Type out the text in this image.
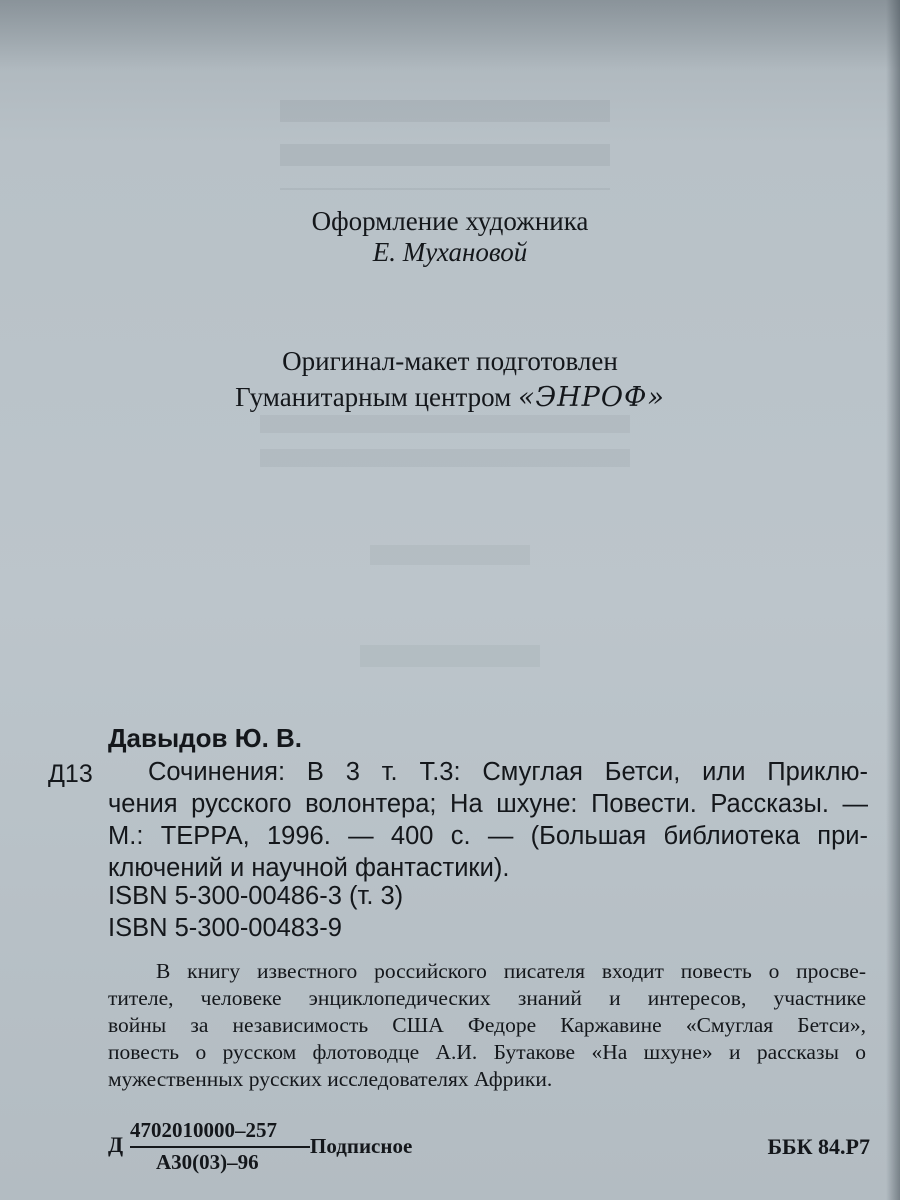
Оформление художника
Е. Мухановой
Оригинал-макет подготовлен
Гуманитарным центром «ЭНРОФ»
Давыдов Ю. В.
Д13	Сочинения: В 3 т. Т.3: Смуглая Бетси, или Приклю-
чения русского волонтера; На шхуне: Повести. Рассказы. —
М.: ТЕРРА, 1996. — 400 с. — (Большая библиотека при-
ключений и научной фантастики).
ISBN 5-300-00486-3 (т. 3)
ISBN 5-300-00483-9
В книгу известного российского писателя входит повесть о просве-
тителе, человеке энциклопедических знаний и интересов, участнике
войны за независимость США Федоре Каржавине «Смуглая Бетси»,
повесть о русском флотоводце А.И. Бутакове «На шхуне» и рассказы о
мужественных русских исследователях Африки.
Д
4702010000–257
А30(03)–96
Подписное	ББК 84.Р7
